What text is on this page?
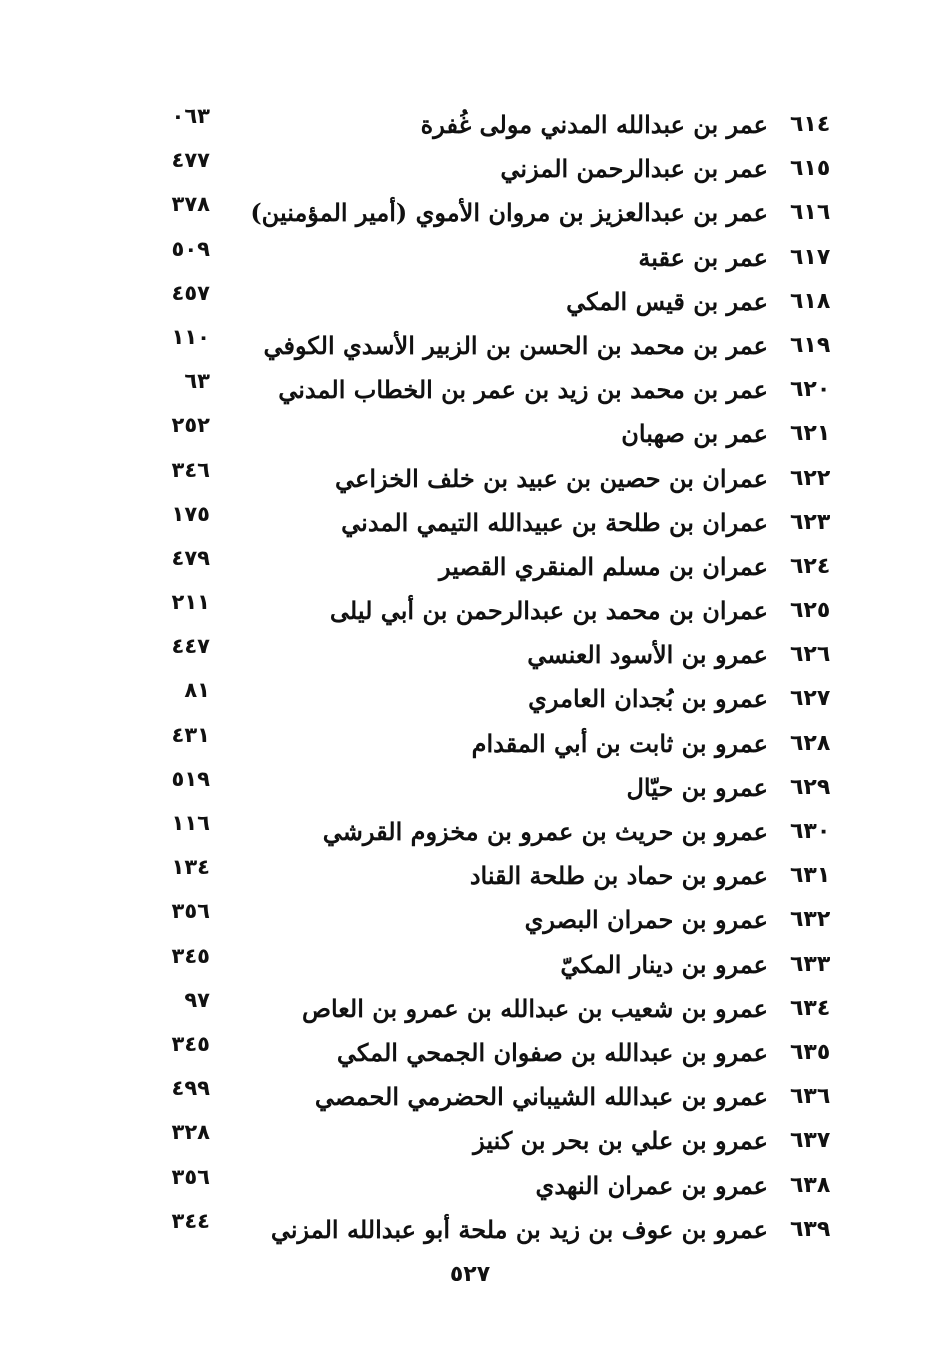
٦١٤
عمر بن عبدالله المدني مولى غُفرة
٠٦٣
٦١٥
عمر بن عبدالرحمن المزني
٤٧٧
٦١٦
عمر بن عبدالعزيز بن مروان الأموي (أمير المؤمنين)
٣٧٨
٦١٧
عمر بن عقبة
٥٠٩
٦١٨
عمر بن قيس المكي
٤٥٧
٦١٩
عمر بن محمد بن الحسن بن الزبير الأسدي الكوفي
١١٠
٦٢٠
عمر بن محمد بن زيد بن عمر بن الخطاب المدني
٦٣
٦٢١
عمر بن صهبان
٢٥٢
٦٢٢
عمران بن حصين بن عبيد بن خلف الخزاعي
٣٤٦
٦٢٣
عمران بن طلحة بن عبيدالله التيمي المدني
١٧٥
٦٢٤
عمران بن مسلم المنقري القصير
٤٧٩
٦٢٥
عمران بن محمد بن عبدالرحمن بن أبي ليلى
٢١١
٦٢٦
عمرو بن الأسود العنسي
٤٤٧
٦٢٧
عمرو بن بُجدان العامري
٨١
٦٢٨
عمرو بن ثابت بن أبي المقدام
٤٣١
٦٢٩
عمرو بن حيّال
٥١٩
٦٣٠
عمرو بن حريث بن عمرو بن مخزوم القرشي
١١٦
٦٣١
عمرو بن حماد بن طلحة القناد
١٣٤
٦٣٢
عمرو بن حمران البصري
٣٥٦
٦٣٣
عمرو بن دينار المكيّ
٣٤٥
٦٣٤
عمرو بن شعيب بن عبدالله بن عمرو بن العاص
٩٧
٦٣٥
عمرو بن عبدالله بن صفوان الجمحي المكي
٣٤٥
٦٣٦
عمرو بن عبدالله الشيباني الحضرمي الحمصي
٤٩٩
٦٣٧
عمرو بن علي بن بحر بن كنيز
٣٢٨
٦٣٨
عمرو بن عمران النهدي
٣٥٦
٦٣٩
عمرو بن عوف بن زيد بن ملحة أبو عبدالله المزني
٣٤٤
٥٢٧
